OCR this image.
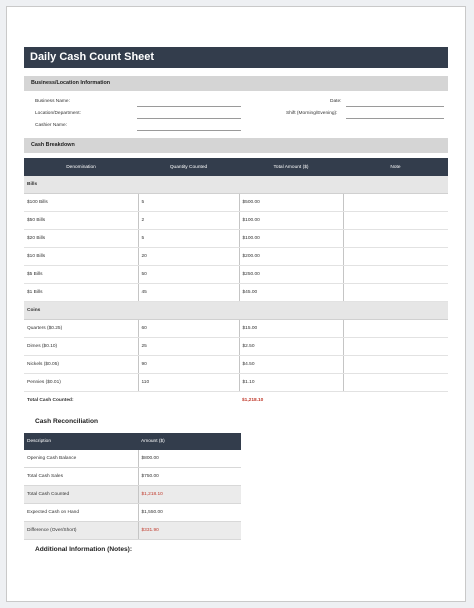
Daily Cash Count Sheet
Business/Location Information
Business Name:	Date:
Location/Department:	Shift (Morning/Evening):
Cashier Name:
Cash Breakdown
Denomination	Quantity Counted	Total Amount ($)	Note
Bills			
$100 Bills	5	$500.00	
$50 Bills	2	$100.00	
$20 Bills	5	$100.00	
$10 Bills	20	$200.00	
$5 Bills	50	$250.00	
$1 Bills	45	$45.00	
Coins			
Quarters ($0.25)	60	$15.00	
Dimes ($0.10)	25	$2.50	
Nickels ($0.05)	90	$4.50	
Pennies ($0.01)	110	$1.10	
Total Cash Counted:		$1,218.10	
Cash Reconciliation
Description	Amount ($)
Opening Cash Balance	$800.00
Total Cash Sales	$750.00
Total Cash Counted	$1,218.10
Expected Cash on Hand	$1,550.00
Difference (Over/Short)	$331.90
Additional Information (Notes):
